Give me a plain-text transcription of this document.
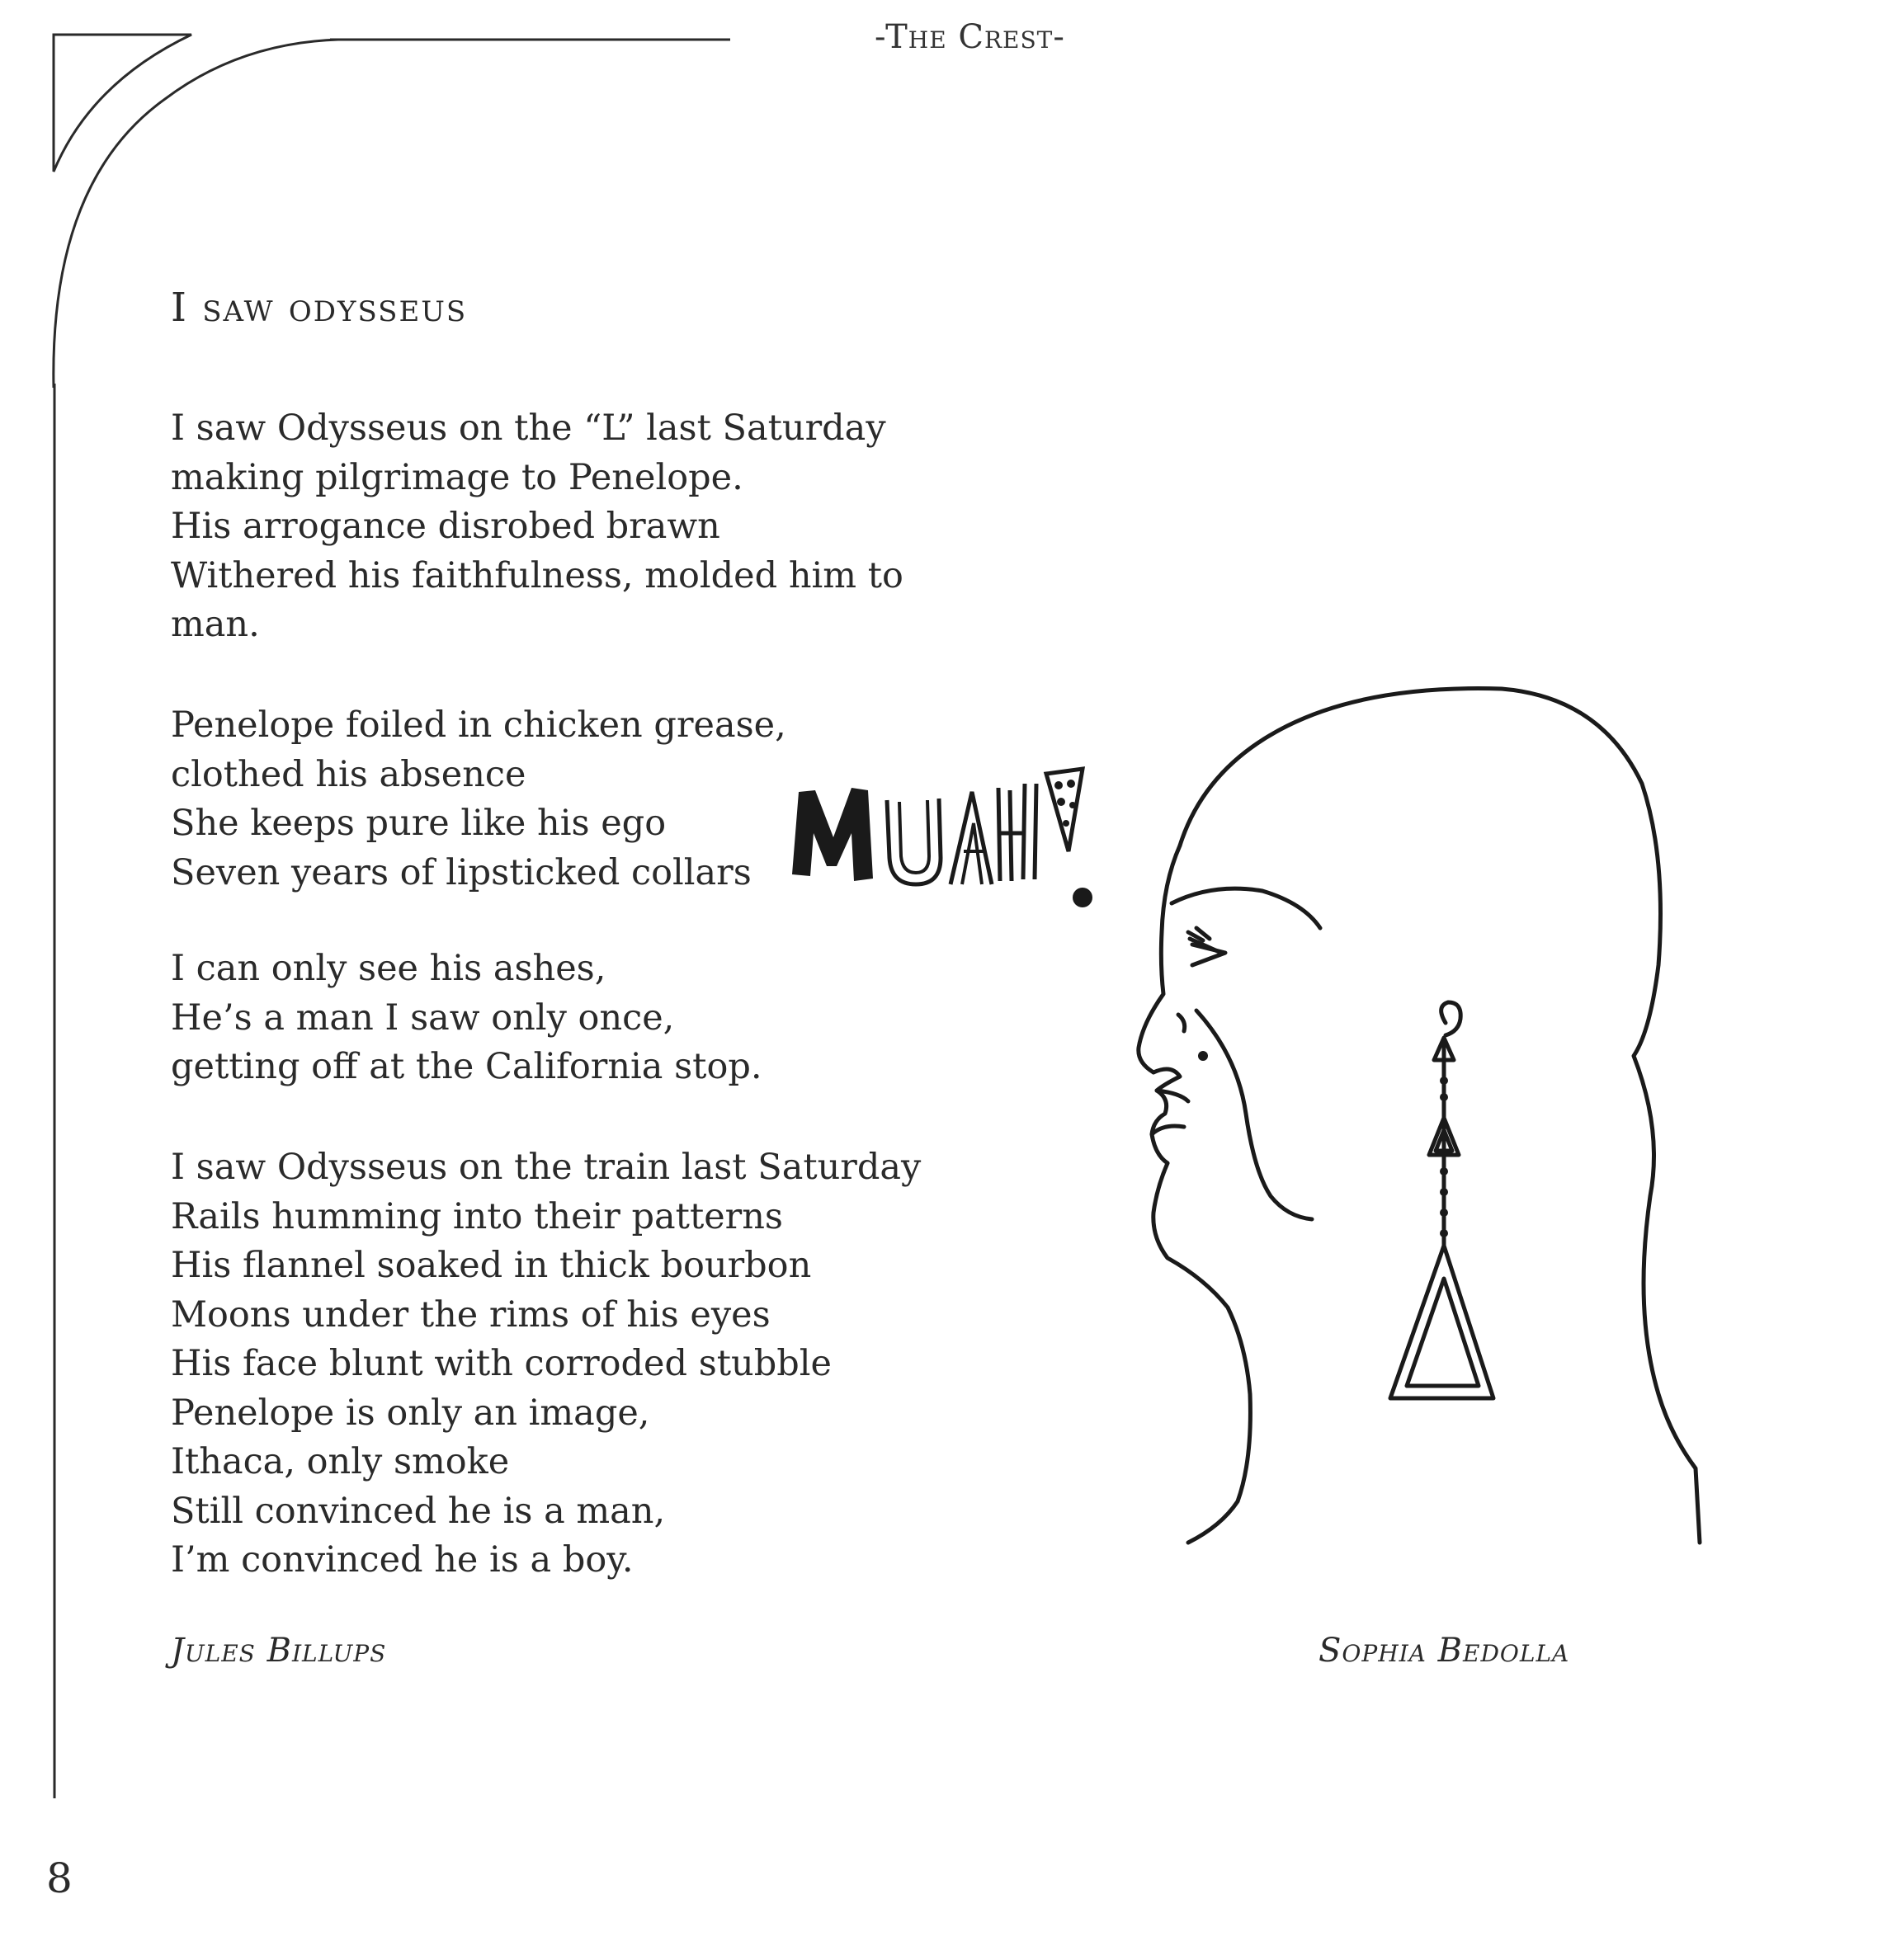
-The Crest-
I saw odysseus
I saw Odysseus on the “L” last Saturday
making pilgrimage to Penelope.
His arrogance disrobed brawn
Withered his faithfulness, molded him to
man.
Penelope foiled in chicken grease,
clothed his absence
She keeps pure like his ego
Seven years of lipsticked collars
I can only see his ashes,
He’s a man I saw only once,
getting off at the California stop.
I saw Odysseus on the train last Saturday
Rails humming into their patterns
His flannel soaked in thick bourbon
Moons under the rims of his eyes
His face blunt with corroded stubble
Penelope is only an image,
Ithaca, only smoke
Still convinced he is a man,
I’m convinced he is a boy.
Jules Billups	Sophia Bedolla
8
